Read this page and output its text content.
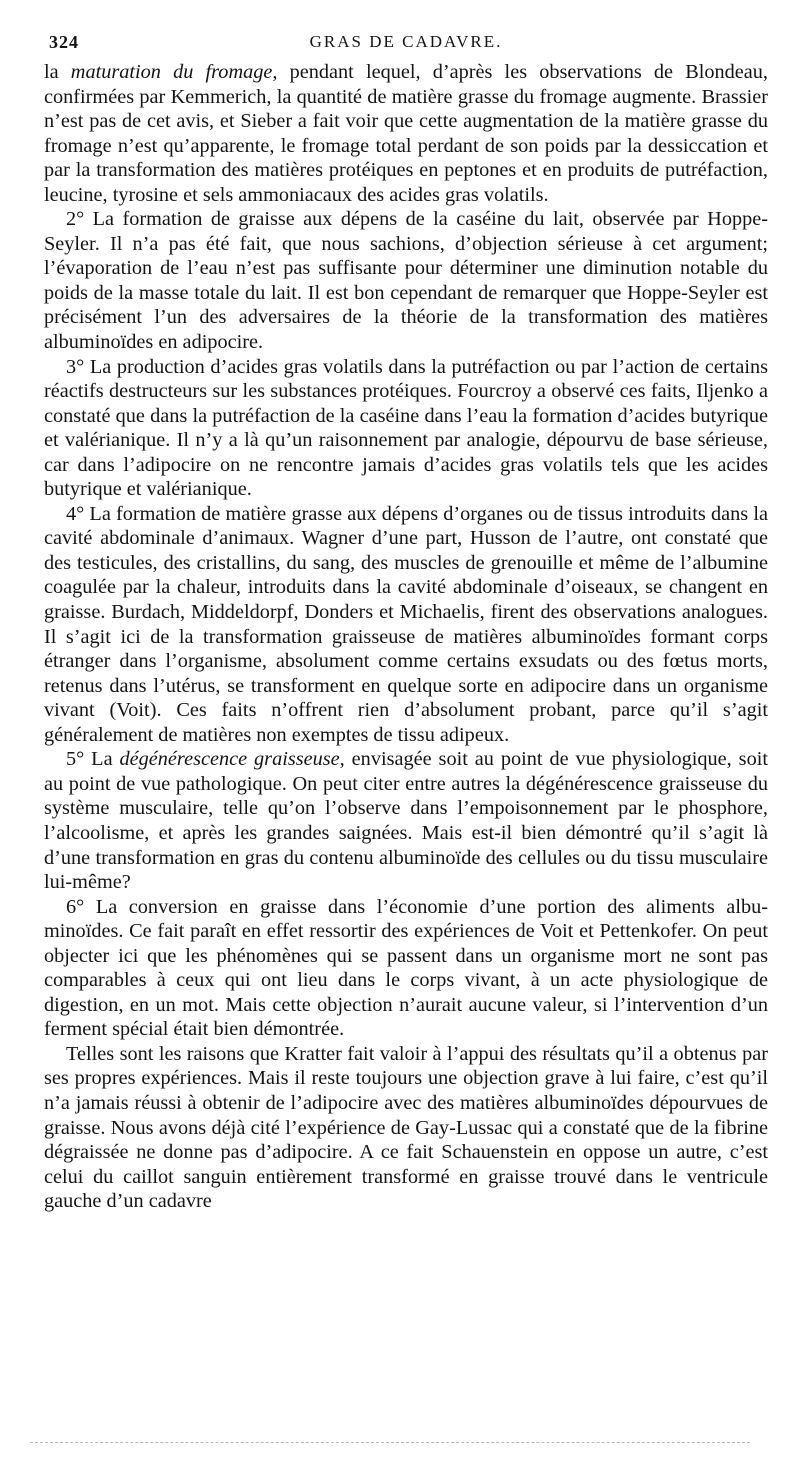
324	GRAS DE CADAVRE.

la maturation du fromage, pendant lequel, d’après les observations de Blondeau, confirmées par Kemmerich, la quantité de matière grasse du fromage augmente. Brassier n’est pas de cet avis, et Sieber a fait voir que cette augmentation de la matière grasse du fromage n’est qu’apparente, le fromage total perdant de son poids par la dessiccation et par la transformation des matières protéiques en peptones et en produits de putréfaction, leucine, tyrosine et sels ammoniacaux des acides gras volatils.

2° La formation de graisse aux dépens de la caséine du lait, observée par Hoppe-Seyler. Il n’a pas été fait, que nous sachions, d’objection sérieuse à cet argument; l’évaporation de l’eau n’est pas suffisante pour déterminer une diminution notable du poids de la masse totale du lait. Il est bon cependant de remarquer que Hoppe-Seyler est précisément l’un des adversaires de la théorie de la transformation des matières albuminoïdes en adipocire.

3° La production d’acides gras volatils dans la putréfaction ou par l’action de certains réactifs destructeurs sur les substances protéiques. Fourcroy a observé ces faits, Iljenko a constaté que dans la putréfaction de la caséine dans l’eau la formation d’acides butyrique et valérianique. Il n’y a là qu’un raisonnement par analogie, dépourvu de base sérieuse, car dans l’adipocire on ne rencontre jamais d’acides gras volatils tels que les acides butyrique et valérianique.

4° La formation de matière grasse aux dépens d’organes ou de tissus introduits dans la cavité abdominale d’animaux. Wagner d’une part, Husson de l’autre, ont constaté que des testicules, des cristallins, du sang, des muscles de grenouille et même de l’albumine coagulée par la chaleur, introduits dans la cavité abdominale d’oiseaux, se changent en graisse. Burdach, Middeldorpf, Donders et Michaelis, firent des observations analogues. Il s’agit ici de la transformation graisseuse de matières albuminoïdes formant corps étranger dans l’organisme, absolument comme certains exsudats ou des fœtus morts, retenus dans l’utérus, se transforment en quelque sorte en adipocire dans un organisme vivant (Voit). Ces faits n’offrent rien d’absolument probant, parce qu’il s’agit généralement de matières non exemptes de tissu adipeux.

5° La dégénérescence graisseuse, envisagée soit au point de vue physiologique, soit au point de vue pathologique. On peut citer entre autres la dégénérescence graisseuse du système musculaire, telle qu’on l’observe dans l’empoisonnement par le phosphore, l’alcoolisme, et après les grandes saignées. Mais est-il bien démontré qu’il s’agit là d’une transformation en gras du contenu albuminoïde des cellules ou du tissu musculaire lui-même?

6° La conversion en graisse dans l’économie d’une portion des aliments albuminoïdes. Ce fait paraît en effet ressortir des expériences de Voit et Pettenkofer. On peut objecter ici que les phénomènes qui se passent dans un organisme mort ne sont pas comparables à ceux qui ont lieu dans le corps vivant, à un acte physiologique de digestion, en un mot. Mais cette objection n’aurait aucune valeur, si l’intervention d’un ferment spécial était bien démontrée.

Telles sont les raisons que Kratter fait valoir à l’appui des résultats qu’il a obtenus par ses propres expériences. Mais il reste toujours une objection grave à lui faire, c’est qu’il n’a jamais réussi à obtenir de l’adipocire avec des matières albuminoïdes dépourvues de graisse. Nous avons déjà cité l’expérience de Gay-Lussac qui a constaté que de la fibrine dégraissée ne donne pas d’adipocire. A ce fait Schauenstein en oppose un autre, c’est celui du caillot sanguin entièrement transformé en graisse trouvé dans le ventricule gauche d’un cadavre
